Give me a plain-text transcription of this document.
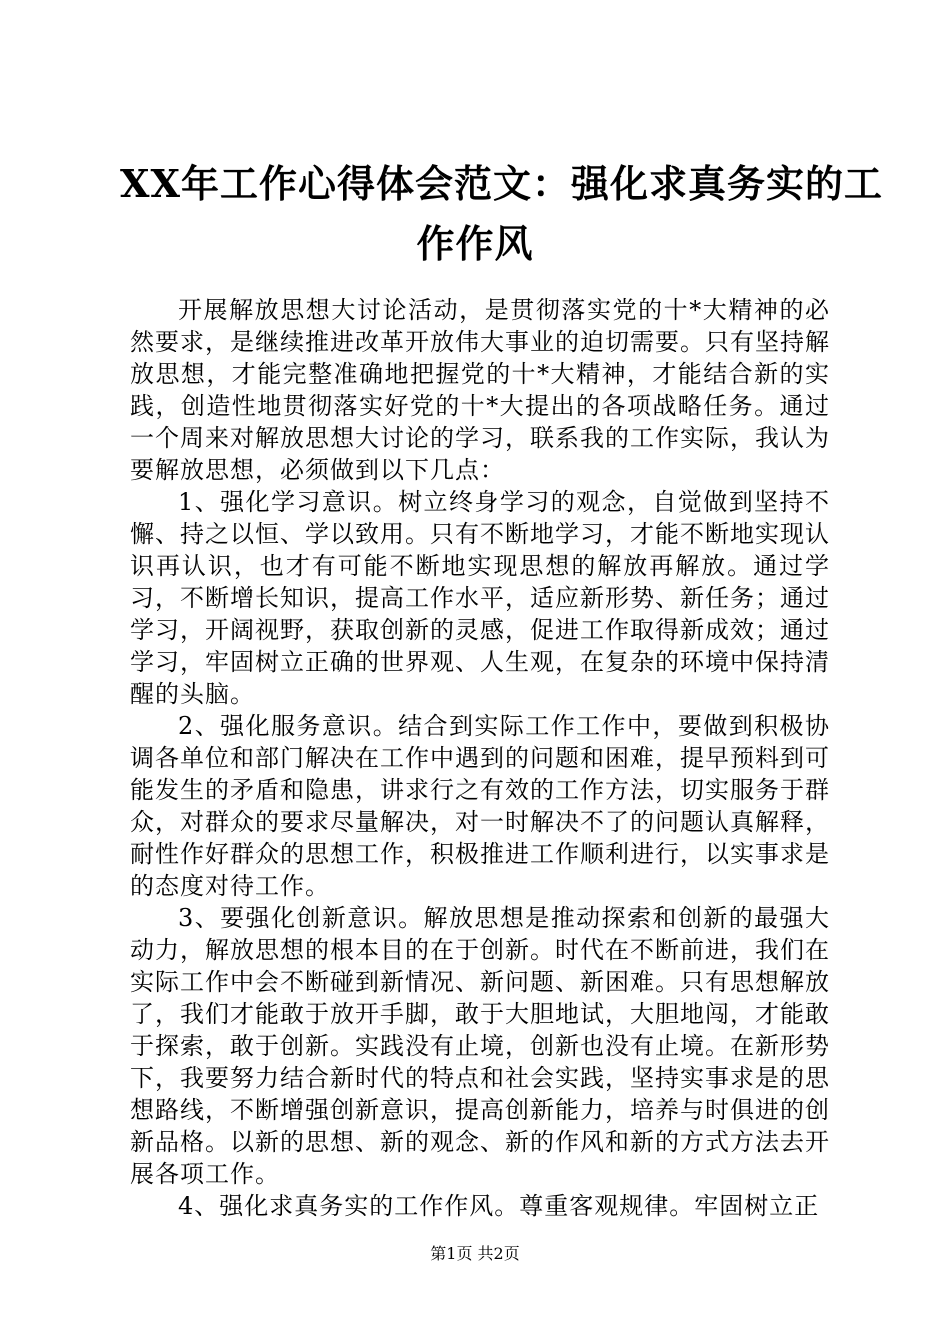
XX年工作心得体会范文：强化求真务实的工
作作风

开展解放思想大讨论活动，是贯彻落实党的十*大精神的必然要求，是继续推进改革开放伟大事业的迫切需要。只有坚持解放思想，才能完整准确地把握党的十*大精神，才能结合新的实践，创造性地贯彻落实好党的十*大提出的各项战略任务。通过一个周来对解放思想大讨论的学习，联系我的工作实际，我认为要解放思想，必须做到以下几点：

1、强化学习意识。树立终身学习的观念，自觉做到坚持不懈、持之以恒、学以致用。只有不断地学习，才能不断地实现认识再认识，也才有可能不断地实现思想的解放再解放。通过学习，不断增长知识，提高工作水平，适应新形势、新任务；通过学习，开阔视野，获取创新的灵感，促进工作取得新成效；通过学习，牢固树立正确的世界观、人生观，在复杂的环境中保持清醒的头脑。

2、强化服务意识。结合到实际工作工作中，要做到积极协调各单位和部门解决在工作中遇到的问题和困难，提早预料到可能发生的矛盾和隐患，讲求行之有效的工作方法，切实服务于群众，对群众的要求尽量解决，对一时解决不了的问题认真解释，耐性作好群众的思想工作，积极推进工作顺利进行，以实事求是的态度对待工作。

3、要强化创新意识。解放思想是推动探索和创新的最强大动力，解放思想的根本目的在于创新。时代在不断前进，我们在实际工作中会不断碰到新情况、新问题、新困难。只有思想解放了，我们才能敢于放开手脚，敢于大胆地试，大胆地闯，才能敢于探索，敢于创新。实践没有止境，创新也没有止境。在新形势下，我要努力结合新时代的特点和社会实践，坚持实事求是的思想路线，不断增强创新意识，提高创新能力，培养与时俱进的创新品格。以新的思想、新的观念、新的作风和新的方式方法去开展各项工作。

4、强化求真务实的工作作风。尊重客观规律。牢固树立正

第1页 共2页
